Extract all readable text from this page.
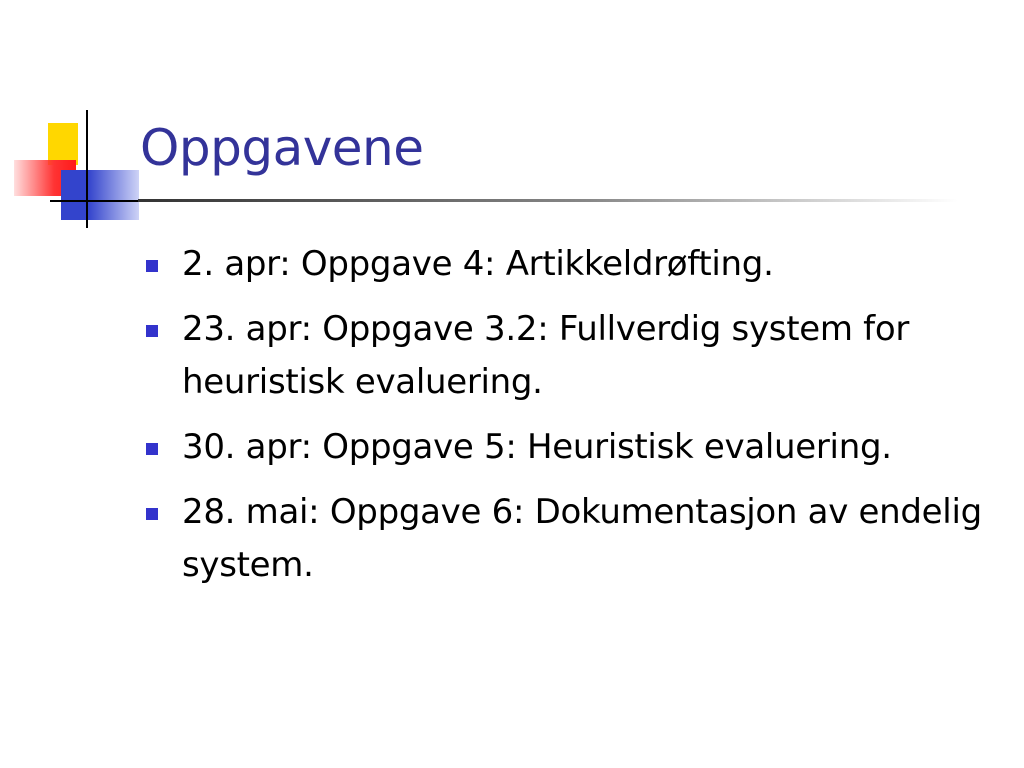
Oppgavene
2. apr: Oppgave 4: Artikkeldrøfting.
23. apr: Oppgave 3.2: Fullverdig system for heuristisk evaluering.
30. apr: Oppgave 5: Heuristisk evaluering.
28. mai: Oppgave 6: Dokumentasjon av endelig system.
